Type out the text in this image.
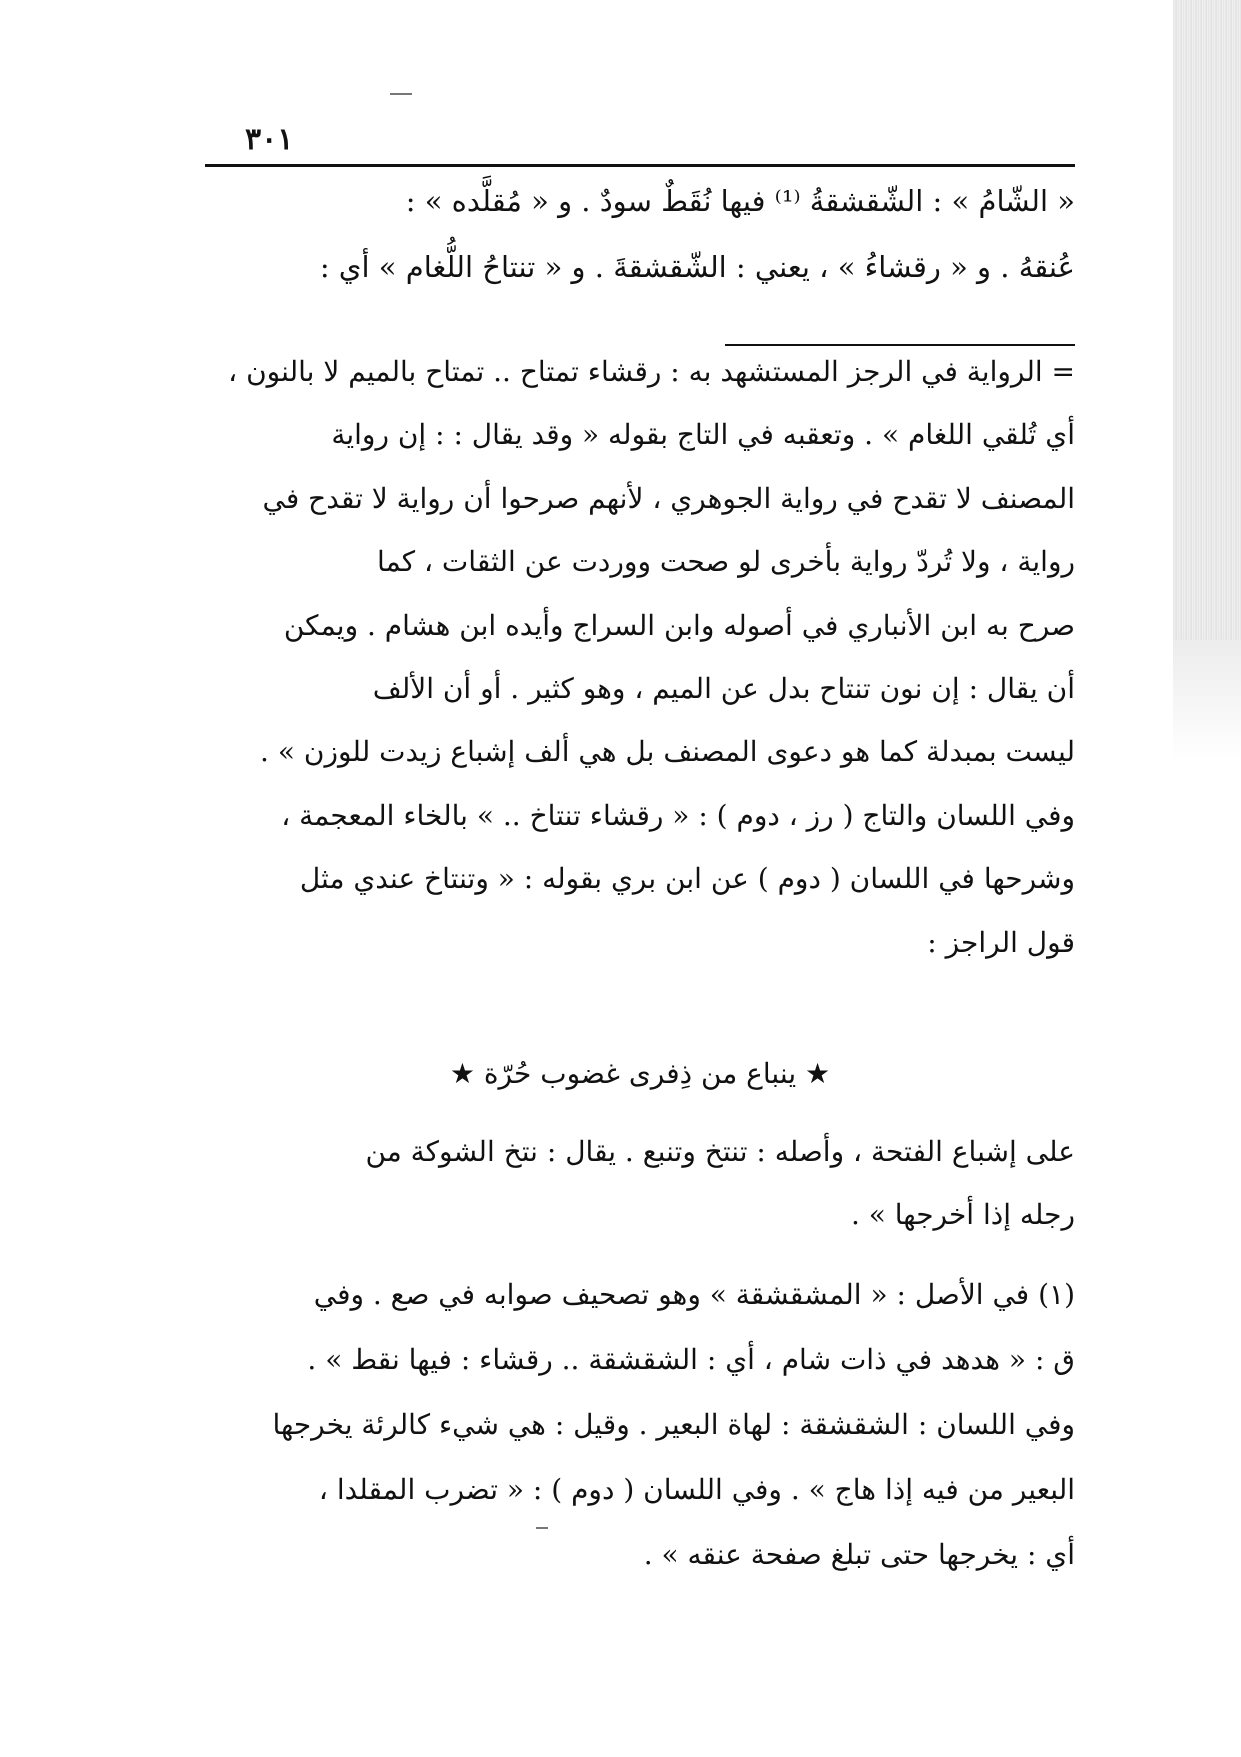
٣٠١
« الشّامُ » : الشّقشقةُ ⁽¹⁾ فيها نُقَطٌ سودٌ . و « مُقلَّده » :
عُنقهُ . و « رقشاءُ » ، يعني : الشّقشقةَ . و « تنتاحُ اللُّغام » أي :
= الرواية في الرجز المستشهد به : رقشاء تمتاح .. تمتاح بالميم لا بالنون ،
أي تُلقي اللغام » . وتعقبه في التاج بقوله « وقد يقال : : إن رواية
المصنف لا تقدح في رواية الجوهري ، لأنهم صرحوا أن رواية لا تقدح في
رواية ، ولا تُردّ رواية بأخرى لو صحت ووردت عن الثقات ، كما
صرح به ابن الأنباري في أصوله وابن السراج وأيده ابن هشام . ويمكن
أن يقال : إن نون تنتاح بدل عن الميم ، وهو كثير . أو أن الألف
ليست بمبدلة كما هو دعوى المصنف بل هي ألف إشباع زيدت للوزن » .
وفي اللسان والتاج ( رز ، دوم ) : « رقشاء تنتاخ .. » بالخاء المعجمة ،
وشرحها في اللسان ( دوم ) عن ابن بري بقوله : « وتنتاخ عندي مثل
قول الراجز :
★ ينباع من ذِفرى غضوب حُرّة ★
على إشباع الفتحة ، وأصله : تنتخ وتنبع . يقال : نتخ الشوكة من
رجله إذا أخرجها » .
(١) في الأصل : « المشقشقة » وهو تصحيف صوابه في صع . وفي
ق : « هدهد في ذات شام ، أي : الشقشقة .. رقشاء : فيها نقط » .
وفي اللسان : الشقشقة : لهاة البعير . وقيل : هي شيء كالرئة يخرجها
البعير من فيه إذا هاج » . وفي اللسان ( دوم ) : « تضرب المقلدا ،
أي : يخرجها حتى تبلغ صفحة عنقه » .
